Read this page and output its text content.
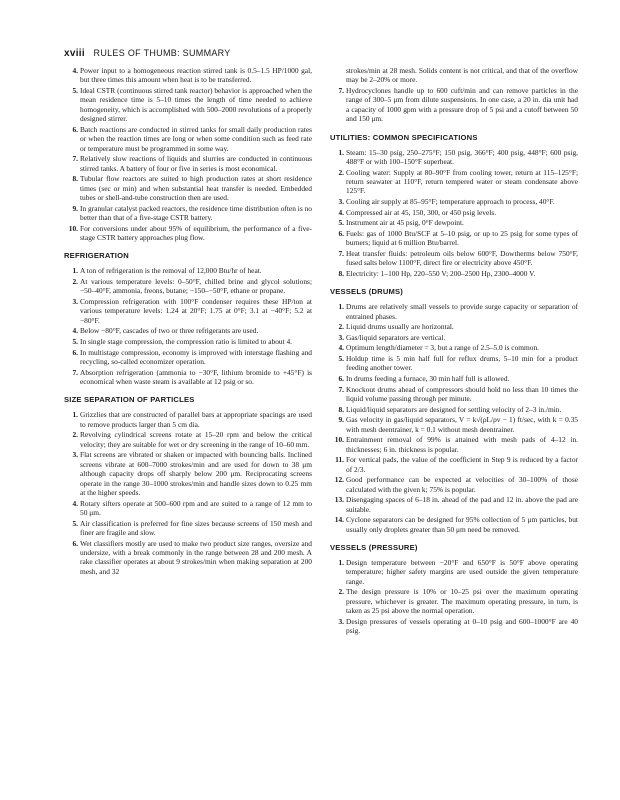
xviii RULES OF THUMB: SUMMARY
4. Power input to a homogeneous reaction stirred tank is 0.5–1.5 HP/1000 gal, but three times this amount when heat is to be transferred.
5. Ideal CSTR (continuous stirred tank reactor) behavior is approached when the mean residence time is 5–10 times the length of time needed to achieve homogeneity, which is accomplished with 500–2000 revolutions of a properly designed stirrer.
6. Batch reactions are conducted in stirred tanks for small daily production rates or when the reaction times are long or when some condition such as feed rate or temperature must be programmed in some way.
7. Relatively slow reactions of liquids and slurries are conducted in continuous stirred tanks. A battery of four or five in series is most economical.
8. Tubular flow reactors are suited to high production rates at short residence times (sec or min) and when substantial heat transfer is needed. Embedded tubes or shell-and-tube construction then are used.
9. In granular catalyst packed reactors, the residence time distribution often is no better than that of a five-stage CSTR battery.
10. For conversions under about 95% of equilibrium, the performance of a five-stage CSTR battery approaches plug flow.
REFRIGERATION
1. A ton of refrigeration is the removal of 12,000 Btu/hr of heat.
2. At various temperature levels: 0–50°F, chilled brine and glycol solutions; −50–40°F, ammonia, freons, butane; −150–−50°F, ethane or propane.
3. Compression refrigeration with 100°F condenser requires these HP/ton at various temperature levels: 1.24 at 20°F; 1.75 at 0°F; 3.1 at −40°F; 5.2 at −80°F.
4. Below −80°F, cascades of two or three refrigerants are used.
5. In single stage compression, the compression ratio is limited to about 4.
6. In multistage compression, economy is improved with interstage flashing and recycling, so-called economizer operation.
7. Absorption refrigeration (ammonia to −30°F, lithium bromide to +45°F) is economical when waste steam is available at 12 psig or so.
SIZE SEPARATION OF PARTICLES
1. Grizzlies that are constructed of parallel bars at appropriate spacings are used to remove products larger than 5 cm dia.
2. Revolving cylindrical screens rotate at 15–20 rpm and below the critical velocity; they are suitable for wet or dry screening in the range of 10–60 mm.
3. Flat screens are vibrated or shaken or impacted with bouncing balls. Inclined screens vibrate at 600–7000 strokes/min and are used for down to 38 μm although capacity drops off sharply below 200 μm. Reciprocating screens operate in the range 30–1000 strokes/min and handle sizes down to 0.25 mm at the higher speeds.
4. Rotary sifters operate at 500–600 rpm and are suited to a range of 12 mm to 50 μm.
5. Air classification is preferred for fine sizes because screens of 150 mesh and finer are fragile and slow.
6. Wet classifiers mostly are used to make two product size ranges, oversize and undersize, with a break commonly in the range between 28 and 200 mesh. A rake classifier operates at about 9 strokes/min when making separation at 200 mesh, and 32
strokes/min at 28 mesh. Solids content is not critical, and that of the overflow may be 2–20% or more.
7. Hydrocyclones handle up to 600 cuft/min and can remove particles in the range of 300–5 μm from dilute suspensions. In one case, a 20 in. dia unit had a capacity of 1000 gpm with a pressure drop of 5 psi and a cutoff between 50 and 150 μm.
UTILITIES: COMMON SPECIFICATIONS
1. Steam: 15–30 psig, 250–275°F; 150 psig, 366°F; 400 psig, 448°F; 600 psig, 488°F or with 100–150°F superheat.
2. Cooling water: Supply at 80–90°F from cooling tower, return at 115–125°F; return seawater at 110°F, return tempered water or steam condensate above 125°F.
3. Cooling air supply at 85–95°F; temperature approach to process, 40°F.
4. Compressed air at 45, 150, 300, or 450 psig levels.
5. Instrument air at 45 psig, 0°F dewpoint.
6. Fuels: gas of 1000 Btu/SCF at 5–10 psig, or up to 25 psig for some types of burners; liquid at 6 million Btu/barrel.
7. Heat transfer fluids: petroleum oils below 600°F, Dowtherms below 750°F, fused salts below 1100°F, direct fire or electricity above 450°F.
8. Electricity: 1–100 Hp, 220–550 V; 200–2500 Hp, 2300–4000 V.
VESSELS (DRUMS)
1. Drums are relatively small vessels to provide surge capacity or separation of entrained phases.
2. Liquid drums usually are horizontal.
3. Gas/liquid separators are vertical.
4. Optimum length/diameter = 3, but a range of 2.5–5.0 is common.
5. Holdup time is 5 min half full for reflux drums, 5–10 min for a product feeding another tower.
6. In drums feeding a furnace, 30 min half full is allowed.
7. Knockout drums ahead of compressors should hold no less than 10 times the liquid volume passing through per minute.
8. Liquid/liquid separators are designed for settling velocity of 2–3 in./min.
9. Gas velocity in gas/liquid separators, V = k√(ρL/ρv − 1) ft/sec, with k = 0.35 with mesh deentrainer, k = 0.1 without mesh deentrainer.
10. Entrainment removal of 99% is attained with mesh pads of 4–12 in. thicknesses; 6 in. thickness is popular.
11. For vertical pads, the value of the coefficient in Step 9 is reduced by a factor of 2/3.
12. Good performance can be expected at velocities of 30–100% of those calculated with the given k; 75% is popular.
13. Disengaging spaces of 6–18 in. ahead of the pad and 12 in. above the pad are suitable.
14. Cyclone separators can be designed for 95% collection of 5 μm particles, but usually only droplets greater than 50 μm need be removed.
VESSELS (PRESSURE)
1. Design temperature between −20°F and 650°F is 50°F above operating temperature; higher safety margins are used outside the given temperature range.
2. The design pressure is 10% or 10–25 psi over the maximum operating pressure, whichever is greater. The maximum operating pressure, in turn, is taken as 25 psi above the normal operation.
3. Design pressures of vessels operating at 0–10 psig and 600–1000°F are 40 psig.
